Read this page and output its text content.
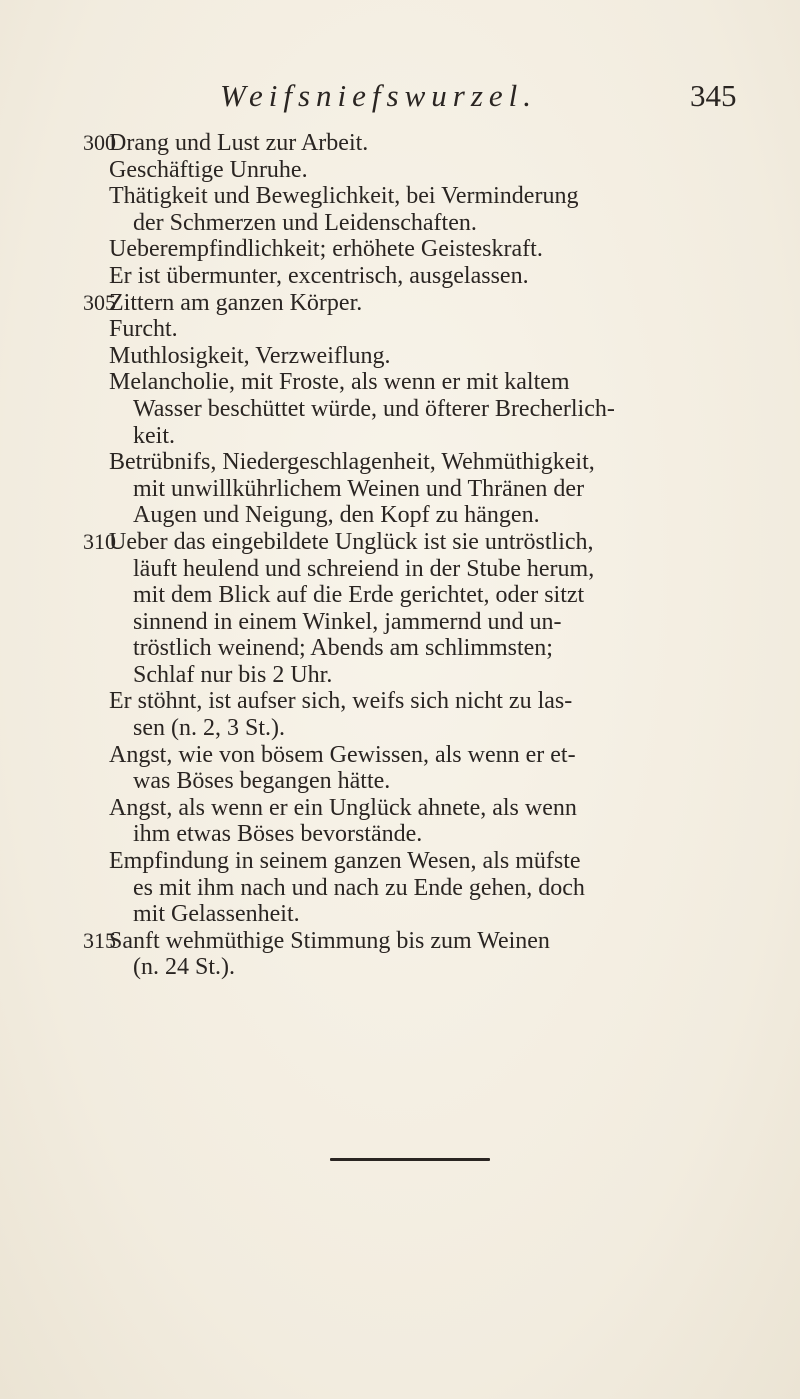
Weifsniefswurzel.	345
300
Drang und Lust zur Arbeit.
Geschäftige Unruhe.
Thätigkeit und Beweglichkeit, bei Verminderung
der Schmerzen und Leidenschaften.
Ueberempfindlichkeit; erhöhete Geisteskraft.
Er ist übermunter, excentrisch, ausgelassen.
305
Zittern am ganzen Körper.
Furcht.
Muthlosigkeit, Verzweiflung.
Melancholie, mit Froste, als wenn er mit kaltem
Wasser beschüttet würde, und öfterer Brecherlich-
keit.
Betrübnifs, Niedergeschlagenheit, Wehmüthigkeit,
mit unwillkührlichem Weinen und Thränen der
Augen und Neigung, den Kopf zu hängen.
310
Ueber das eingebildete Unglück ist sie untröstlich,
läuft heulend und schreiend in der Stube herum,
mit dem Blick auf die Erde gerichtet, oder sitzt
sinnend in einem Winkel, jammernd und un-
tröstlich weinend; Abends am schlimmsten;
Schlaf nur bis 2 Uhr.
Er stöhnt, ist aufser sich, weifs sich nicht zu las-
sen (n. 2, 3 St.).
Angst, wie von bösem Gewissen, als wenn er et-
was Böses begangen hätte.
Angst, als wenn er ein Unglück ahnete, als wenn
ihm etwas Böses bevorstände.
Empfindung in seinem ganzen Wesen, als müfste
es mit ihm nach und nach zu Ende gehen, doch
mit Gelassenheit.
315
Sanft wehmüthige Stimmung bis zum Weinen
(n. 24 St.).
